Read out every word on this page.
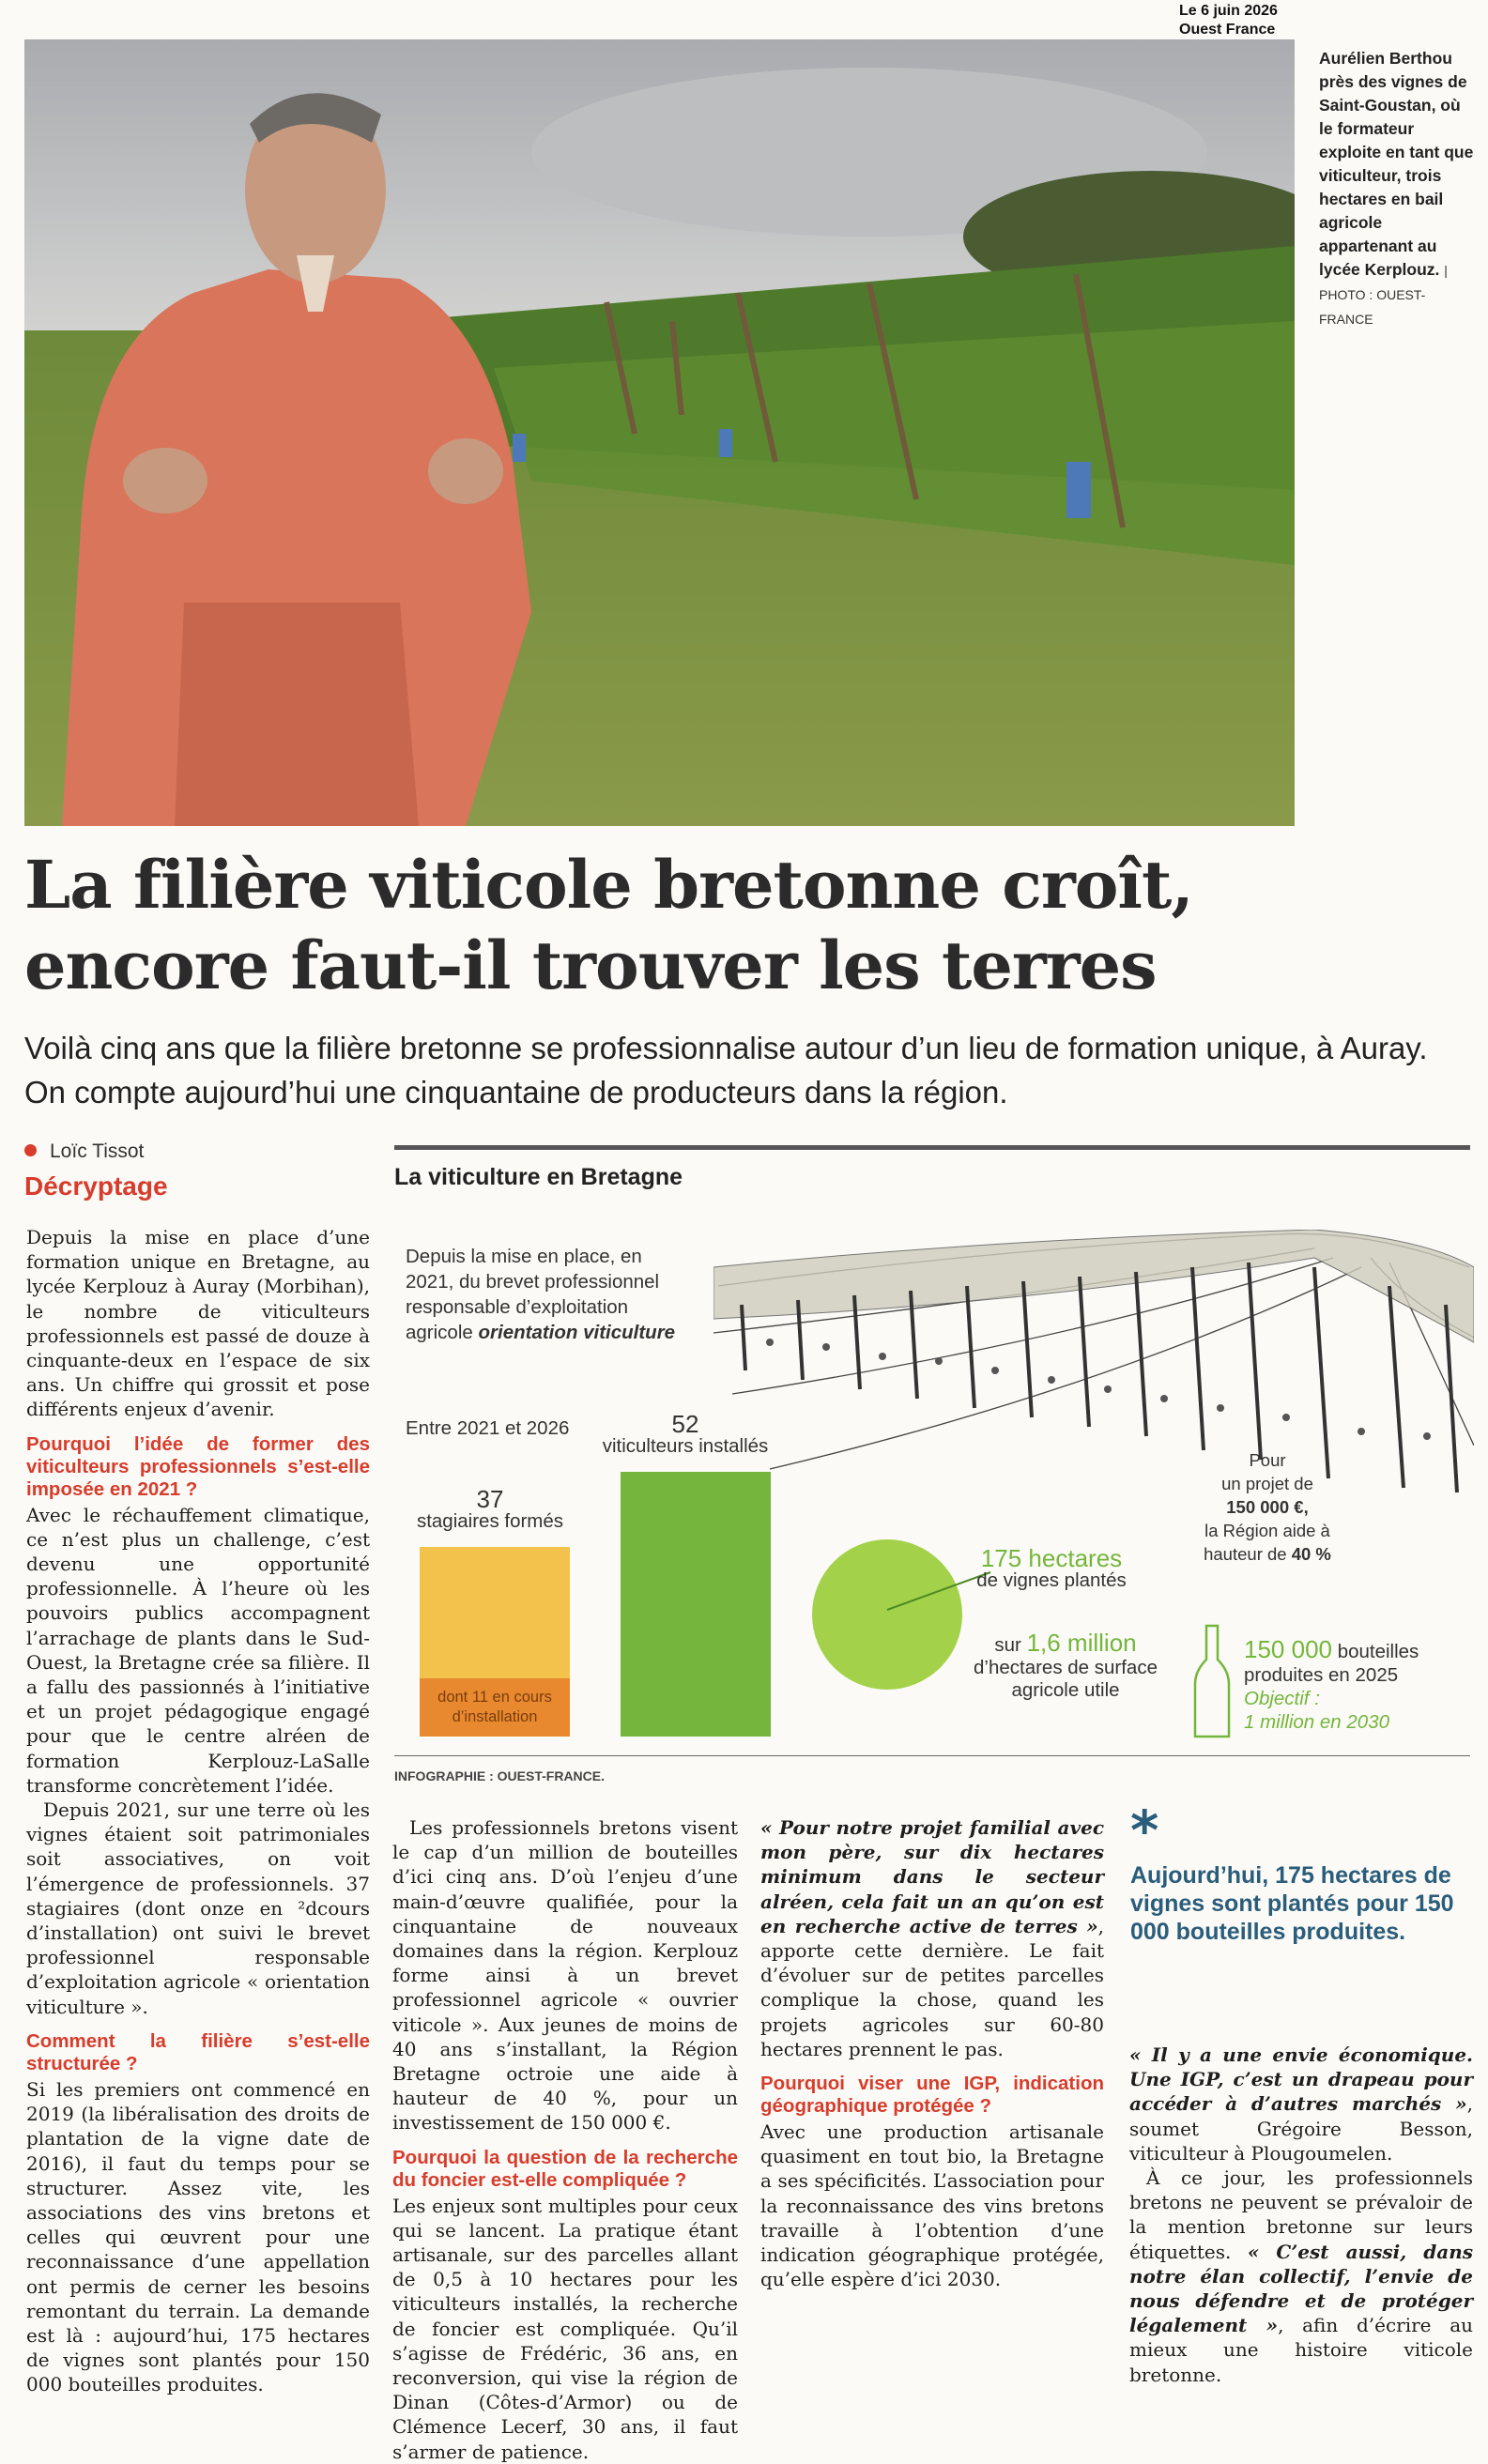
Le 6 juin 2026
Ouest France
Aurélien Berthou près des vignes de Saint-Goustan, où le formateur exploite en tant que viticulteur, trois hectares en bail agricole appartenant au lycée Kerplouz. | PHOTO : OUEST-FRANCE
La filière viticole bretonne croît,
encore faut-il trouver les terres
Voilà cinq ans que la filière bretonne se professionnalise autour d’un lieu de formation unique, à Auray. On compte aujourd’hui une cinquantaine de producteurs dans la région.
Loïc Tissot
Décryptage	La viticulture en Bretagne
Depuis la mise en place, en 2021, du brevet professionnel responsable d’exploitation agricole orientation viticulture
Entre 2021 et 2026
37
stagiaires formés
dont 11 en cours d’installation
52
viticulteurs installés
Pour
un projet de
150 000 €,
la Région aide à
hauteur de 40 %
175 hectares
de vignes plantés
sur 1,6 million
d’hectares de surface agricole utile
150 000 bouteilles produites en 2025
Objectif :
1 million en 2030
INFOGRAPHIE : OUEST-FRANCE.

Depuis la mise en place d’une formation unique en Bretagne, au lycée Kerplouz à Auray (Morbihan), le nombre de viticulteurs professionnels est passé de douze à cinquante-deux en l’espace de six ans. Un chiffre qui grossit et pose différents enjeux d’avenir.

Pourquoi l’idée de former des viticulteurs professionnels s’est-elle imposée en 2021 ?

Avec le réchauffement climatique, ce n’est plus un challenge, c’est devenu une opportunité professionnelle. À l’heure où les pouvoirs publics accompagnent l’arrachage de plants dans le Sud-Ouest, la Bretagne crée sa filière. Il a fallu des passionnés à l’initiative et un projet pédagogique engagé pour que le centre alréen de formation Kerplouz-LaSalle transforme concrètement l’idée.

Depuis 2021, sur une terre où les vignes étaient soit patrimoniales soit associatives, on voit l’émergence de professionnels. 37 stagiaires (dont onze en ²dcours d’installation) ont suivi le brevet professionnel responsable d’exploitation agricole « orientation viticulture ».

Comment la filière s’est-elle structurée ?

Si les premiers ont commencé en 2019 (la libéralisation des droits de plantation de la vigne date de 2016), il faut du temps pour se structurer. Assez vite, les associations des vins bretons et celles qui œuvrent pour une reconnaissance d’une appellation ont permis de cerner les besoins remontant du terrain. La demande est là : aujourd’hui, 175 hectares de vignes sont plantés pour 150 000 bouteilles produites.

Les professionnels bretons visent le cap d’un million de bouteilles d’ici cinq ans. D’où l’enjeu d’une main-d’œuvre qualifiée, pour la cinquantaine de nouveaux domaines dans la région. Kerplouz forme ainsi à un brevet professionnel agricole « ouvrier viticole ». Aux jeunes de moins de 40 ans s’installant, la Région Bretagne octroie une aide à hauteur de 40 %, pour un investissement de 150 000 €.

Pourquoi la question de la recherche du foncier est-elle compliquée ?

Les enjeux sont multiples pour ceux qui se lancent. La pratique étant artisanale, sur des parcelles allant de 0,5 à 10 hectares pour les viticulteurs installés, la recherche de foncier est compliquée. Qu’il s’agisse de Frédéric, 36 ans, en reconversion, qui vise la région de Dinan (Côtes-d’Armor) ou de Clémence Lecerf, 30 ans, il faut s’armer de patience.

« Pour notre projet familial avec mon père, sur dix hectares minimum dans le secteur alréen, cela fait un an qu’on est en recherche active de terres », apporte cette dernière. Le fait d’évoluer sur de petites parcelles complique la chose, quand les projets agricoles sur 60-80 hectares prennent le pas.

Pourquoi viser une IGP, indication géographique protégée ?

Avec une production artisanale quasiment en tout bio, la Bretagne a ses spécificités. L’association pour la reconnaissance des vins bretons travaille à l’obtention d’une indication géographique protégée, qu’elle espère d’ici 2030.

*
Aujourd’hui, 175 hectares de vignes sont plantés pour 150 000 bouteilles produites.

« Il y a une envie économique. Une IGP, c’est un drapeau pour accéder à d’autres marchés », soumet Grégoire Besson, viticulteur à Plougoumelen.

À ce jour, les professionnels bretons ne peuvent se prévaloir de la mention bretonne sur leurs étiquettes. « C’est aussi, dans notre élan collectif, l’envie de nous défendre et de protéger légalement », afin d’écrire au mieux une histoire viticole bretonne.
